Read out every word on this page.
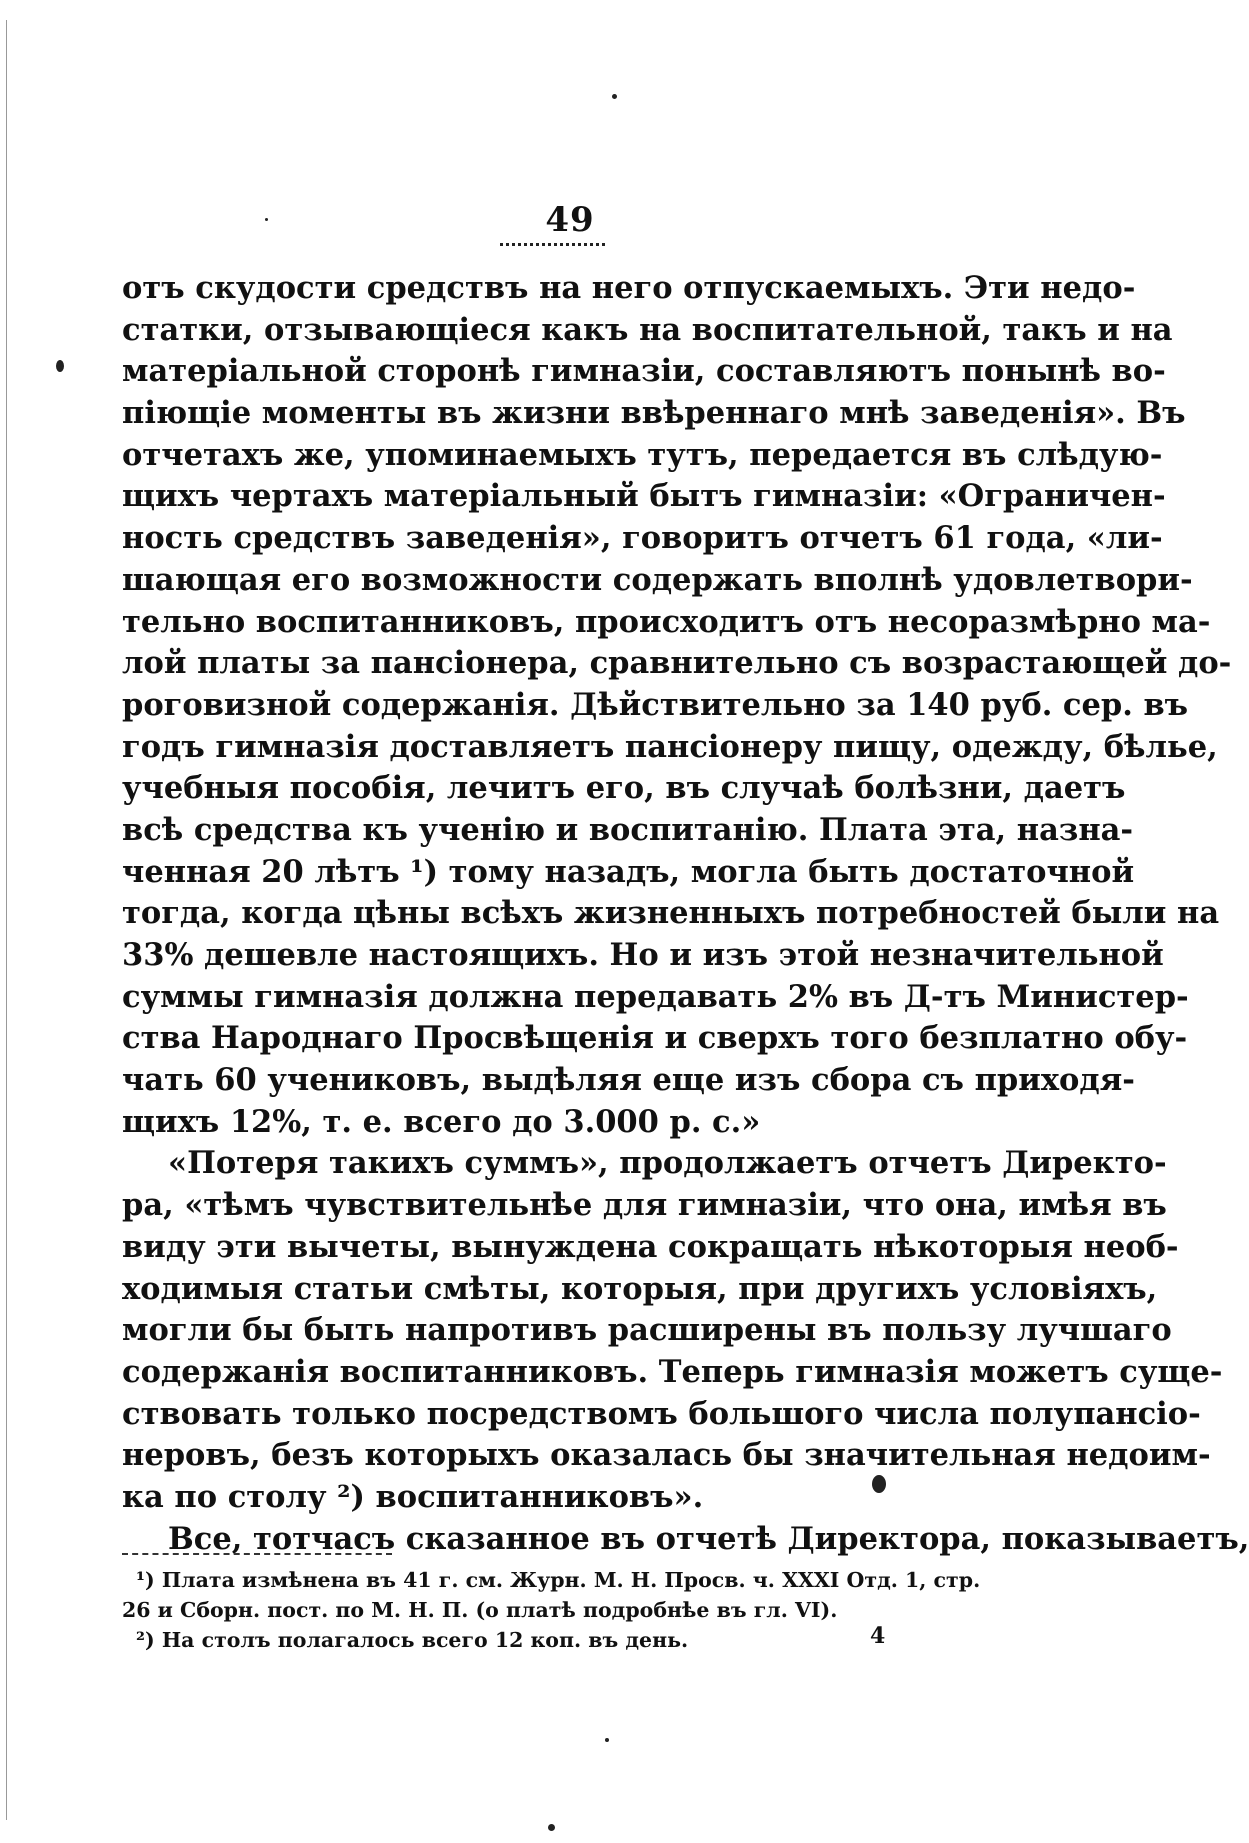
49
отъ скудости средствъ на него отпускаемыхъ. Эти недо-
статки, отзывающіеся какъ на воспитательной, такъ и на
матеріальной сторонѣ гимназіи, составляютъ понынѣ во-
піющіе моменты въ жизни ввѣреннаго мнѣ заведенія». Въ
отчетахъ же, упоминаемыхъ тутъ, передается въ слѣдую-
щихъ чертахъ матеріальный бытъ гимназіи: «Ограничен-
ность средствъ заведенія», говоритъ отчетъ 61 года, «ли-
шающая его возможности содержать вполнѣ удовлетвори-
тельно воспитанниковъ, происходитъ отъ несоразмѣрно ма-
лой платы за пансіонера, сравнительно съ возрастающей до-
роговизной содержанія. Дѣйствительно за 140 руб. сер. въ
годъ гимназія доставляетъ пансіонеру пищу, одежду, бѣлье,
учебныя пособія, лечитъ его, въ случаѣ болѣзни, даетъ
всѣ средства къ ученію и воспитанію. Плата эта, назна-
ченная 20 лѣтъ ¹) тому назадъ, могла быть достаточной
тогда, когда цѣны всѣхъ жизненныхъ потребностей были на
33% дешевле настоящихъ. Но и изъ этой незначительной
суммы гимназія должна передавать 2% въ Д-тъ Министер-
ства Народнаго Просвѣщенія и сверхъ того безплатно обу-
чать 60 учениковъ, выдѣляя еще изъ сбора съ приходя-
щихъ 12%, т. е. всего до 3.000 р. с.»
«Потеря такихъ суммъ», продолжаетъ отчетъ Директо-
ра, «тѣмъ чувствительнѣе для гимназіи, что она, имѣя въ
виду эти вычеты, вынуждена сокращать нѣкоторыя необ-
ходимыя статьи смѣты, которыя, при другихъ условіяхъ,
могли бы быть напротивъ расширены въ пользу лучшаго
содержанія воспитанниковъ. Теперь гимназія можетъ суще-
ствовать только посредствомъ большого числа полупансіо-
неровъ, безъ которыхъ оказалась бы значительная недоим-
ка по столу ²) воспитанниковъ».
Все, тотчасъ сказанное въ отчетѣ Директора, показываетъ,
¹) Плата измѣнена въ 41 г. см. Журн. М. Н. Просв. ч. XXXI Отд. 1, стр.
26 и Сборн. пост. по М. Н. П. (о платѣ подробнѣе въ гл. VI).
²) На столъ полагалось всего 12 коп. въ день.	4
